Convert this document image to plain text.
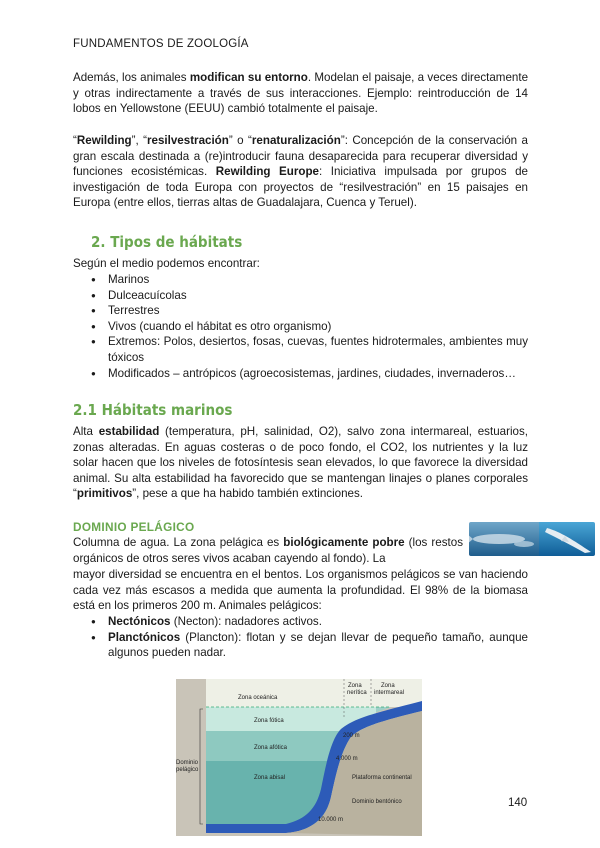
FUNDAMENTOS DE ZOOLOGÍA

Además, los animales modifican su entorno. Modelan el paisaje, a veces directamente y otras indirectamente a través de sus interacciones. Ejemplo: reintroducción de 14 lobos en Yellowstone (EEUU) cambió totalmente el paisaje.

“Rewilding”, “resilvestración” o “renaturalización”: Concepción de la conservación a gran escala destinada a (re)introducir fauna desaparecida para recuperar diversidad y funciones ecosistémicas. Rewilding Europe: Iniciativa impulsada por grupos de investigación de toda Europa con proyectos de “resilvestración” en 15 paisajes en Europa (entre ellos, tierras altas de Guadalajara, Cuenca y Teruel).

2. Tipos de hábitats
Según el medio podemos encontrar:
● Marinos
● Dulceacuícolas
● Terrestres
● Vivos (cuando el hábitat es otro organismo)
● Extremos: Polos, desiertos, fosas, cuevas, fuentes hidrotermales, ambientes muy tóxicos
● Modificados – antrópicos (agroecosistemas, jardines, ciudades, invernaderos…
2.1 Hábitats marinos

Alta estabilidad (temperatura, pH, salinidad, O2), salvo zona intermareal, estuarios, zonas alteradas. En aguas costeras o de poco fondo, el CO2, los nutrientes y la luz solar hacen que los niveles de fotosíntesis sean elevados, lo que favorece la diversidad animal. Su alta estabilidad ha favorecido que se mantengan linajes o planes corporales “primitivos”, pese a que ha habido también extinciones.

DOMINIO PELÁGICO

Columna de agua. La zona pelágica es biológicamente pobre (los restos orgánicos de otros seres vivos acaban cayendo al fondo). La

mayor diversidad se encuentra en el bentos. Los organismos pelágicos se van haciendo cada vez más escasos a medida que aumenta la profundidad. El 98% de la biomasa está en los primeros 200 m. Animales pelágicos:

● Nectónicos (Necton): nadadores activos.
● Planctónicos (Plancton): flotan y se dejan llevar de pequeño tamaño, aunque algunos pueden nadar.
Zona oceánica
Zona
nerítica
Zona
intermareal
Zona fótica
Zona afótica
Zona abisal
Dominio
pelágico
200 m
4.000 m
10.000 m
Plataforma continental
Dominio bentónico	140
